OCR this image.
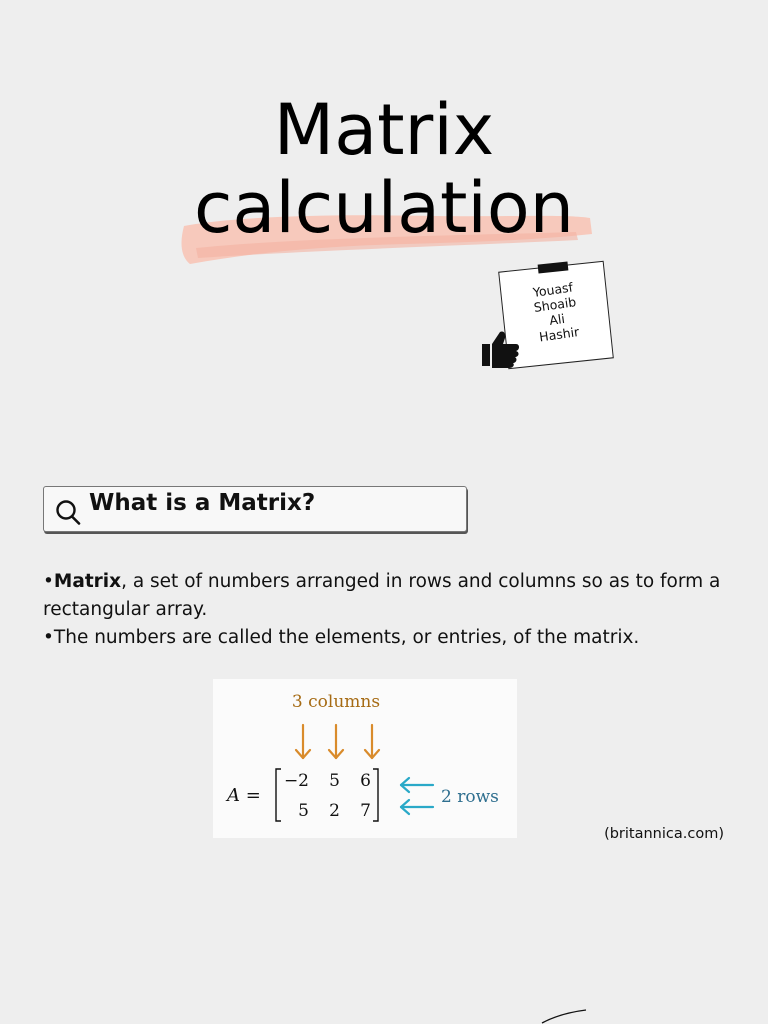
Matrix
calculation
Youasf
Shoaib
Ali
Hashir
What is a Matrix?

•Matrix, a set of numbers arranged in rows and columns so as to form a rectangular array.

•The numbers are called the elements, or entries, of the matrix.

3 columns
A =
−2 5 6
5 2 7
2 rows
(britannica.com)
